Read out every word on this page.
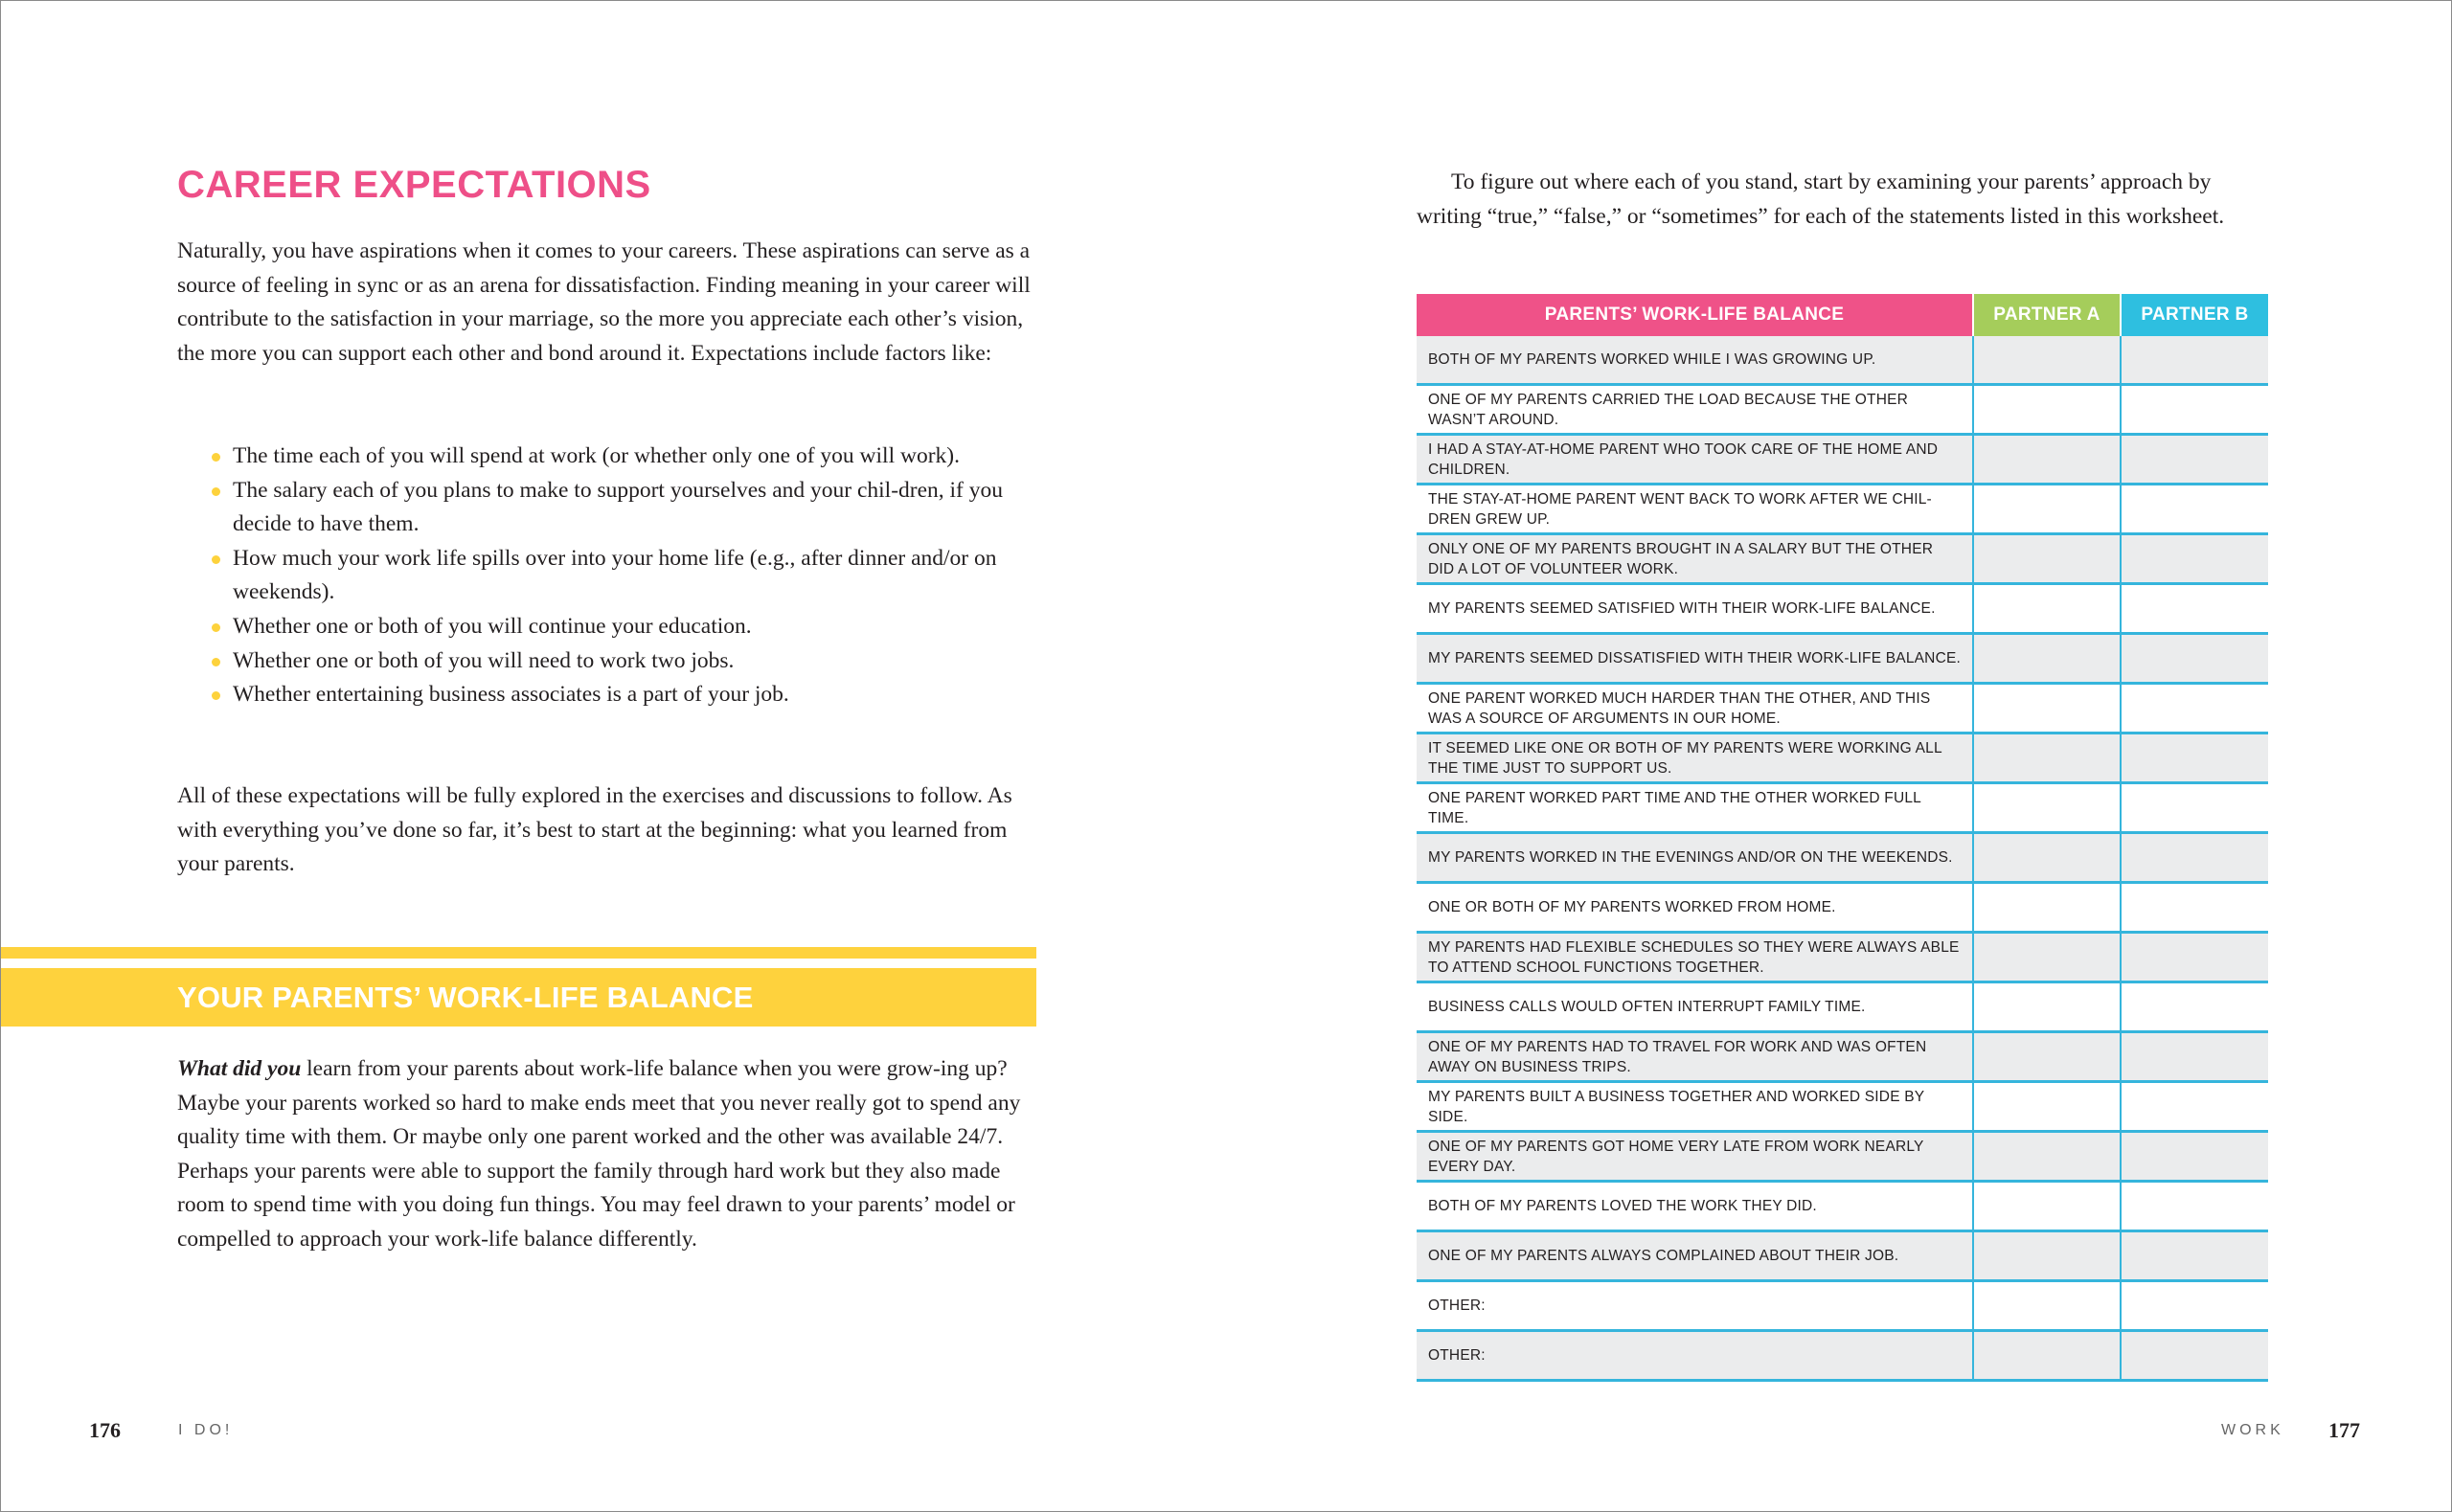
CAREER EXPECTATIONS

Naturally, you have aspirations when it comes to your careers. These aspirations can serve as a source of feeling in sync or as an arena for dissatisfaction. Finding meaning in your career will contribute to the satisfaction in your marriage, so the more you appreciate each other’s vision, the more you can support each other and bond around it. Expectations include factors like:

The time each of you will spend at work (or whether only one of you will work).
The salary each of you plans to make to support yourselves and your chil-dren, if you decide to have them.
How much your work life spills over into your home life (e.g., after dinner and/or on weekends).
Whether one or both of you will continue your education.
Whether one or both of you will need to work two jobs.
Whether entertaining business associates is a part of your job.

All of these expectations will be fully explored in the exercises and discussions to follow. As with everything you’ve done so far, it’s best to start at the beginning: what you learned from your parents.

YOUR PARENTS’ WORK-LIFE BALANCE

What did you learn from your parents about work-life balance when you were grow-ing up? Maybe your parents worked so hard to make ends meet that you never really got to spend any quality time with them. Or maybe only one parent worked and the other was available 24/7. Perhaps your parents were able to support the family through hard work but they also made room to spend time with you doing fun things. You may feel drawn to your parents’ model or compelled to approach your work-life balance differently.

176	I DO!

To figure out where each of you stand, start by examining your parents’ approach by writing “true,” “false,” or “sometimes” for each of the statements listed in this worksheet.

PARENTS’ WORK-LIFE BALANCE	PARTNER A	PARTNER B
BOTH OF MY PARENTS WORKED WHILE I WAS GROWING UP.		
ONE OF MY PARENTS CARRIED THE LOAD BECAUSE THE OTHER WASN’T AROUND.		
I HAD A STAY-AT-HOME PARENT WHO TOOK CARE OF THE HOME AND CHILDREN.		
THE STAY-AT-HOME PARENT WENT BACK TO WORK AFTER WE CHIL-DREN GREW UP.		
ONLY ONE OF MY PARENTS BROUGHT IN A SALARY BUT THE OTHER DID A LOT OF VOLUNTEER WORK.		
MY PARENTS SEEMED SATISFIED WITH THEIR WORK-LIFE BALANCE.		
MY PARENTS SEEMED DISSATISFIED WITH THEIR WORK-LIFE BALANCE.		
ONE PARENT WORKED MUCH HARDER THAN THE OTHER, AND THIS WAS A SOURCE OF ARGUMENTS IN OUR HOME.		
IT SEEMED LIKE ONE OR BOTH OF MY PARENTS WERE WORKING ALL THE TIME JUST TO SUPPORT US.		
ONE PARENT WORKED PART TIME AND THE OTHER WORKED FULL TIME.		
MY PARENTS WORKED IN THE EVENINGS AND/OR ON THE WEEKENDS.		
ONE OR BOTH OF MY PARENTS WORKED FROM HOME.		
MY PARENTS HAD FLEXIBLE SCHEDULES SO THEY WERE ALWAYS ABLE TO ATTEND SCHOOL FUNCTIONS TOGETHER.		
BUSINESS CALLS WOULD OFTEN INTERRUPT FAMILY TIME.		
ONE OF MY PARENTS HAD TO TRAVEL FOR WORK AND WAS OFTEN AWAY ON BUSINESS TRIPS.		
MY PARENTS BUILT A BUSINESS TOGETHER AND WORKED SIDE BY SIDE.		
ONE OF MY PARENTS GOT HOME VERY LATE FROM WORK NEARLY EVERY DAY.		
BOTH OF MY PARENTS LOVED THE WORK THEY DID.		
ONE OF MY PARENTS ALWAYS COMPLAINED ABOUT THEIR JOB.		
OTHER:		
OTHER:		
WORK 177
